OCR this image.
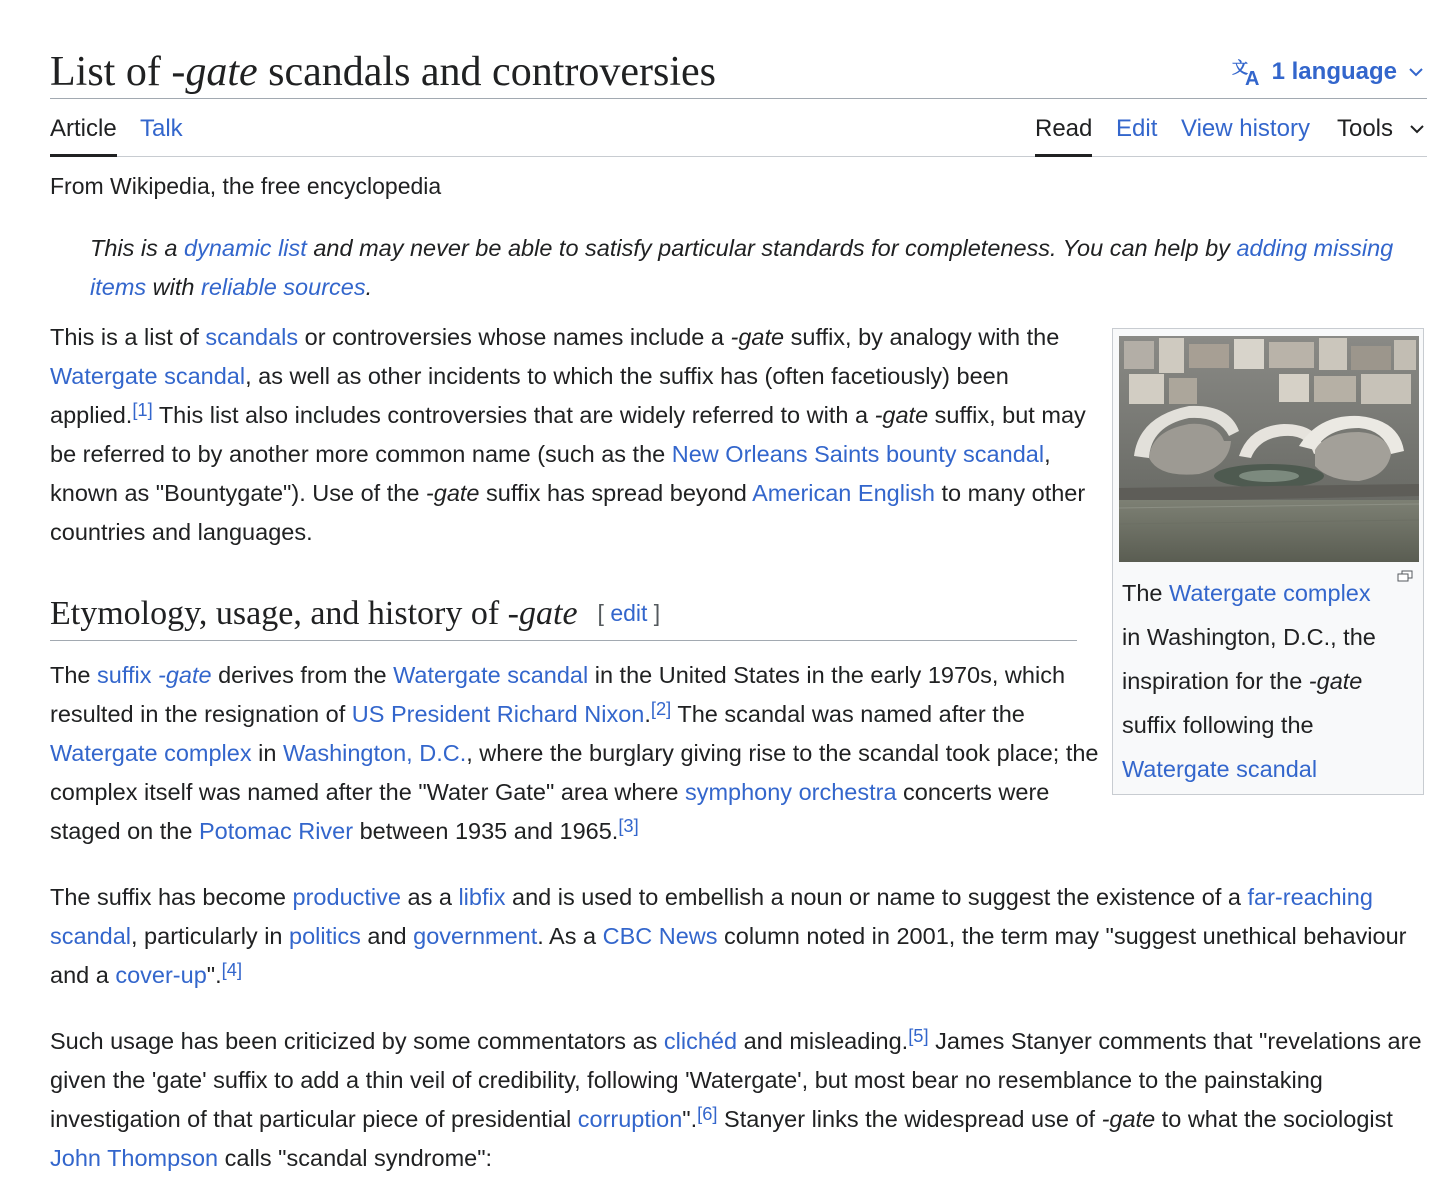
List of -gate scandals and controversies	文
A 1 language
Article Talk	Read Edit View history Tools
From Wikipedia, the free encyclopedia

This is a dynamic list and may never be able to satisfy particular standards for completeness. You can help by adding missing items with reliable sources.

This is a list of scandals or controversies whose names include a -gate suffix, by analogy with the Watergate scandal, as well as other incidents to which the suffix has (often facetiously) been applied.[1] This list also includes controversies that are widely referred to with a -gate suffix, but may be referred to by another more common name (such as the New Orleans Saints bounty scandal, known as "Bountygate"). Use of the -gate suffix has spread beyond American English to many other countries and languages.

The Watergate complex in Washington, D.C., the inspiration for the -gate suffix following the Watergate scandal
Etymology, usage, and history of -gate [ edit ]

The suffix -gate derives from the Watergate scandal in the United States in the early 1970s, which resulted in the resignation of US President Richard Nixon.[2] The scandal was named after the Watergate complex in Washington, D.C., where the burglary giving rise to the scandal took place; the complex itself was named after the "Water Gate" area where symphony orchestra concerts were staged on the Potomac River between 1935 and 1965.[3]

The suffix has become productive as a libfix and is used to embellish a noun or name to suggest the existence of a far-reaching scandal, particularly in politics and government. As a CBC News column noted in 2001, the term may "suggest unethical behaviour and a cover-up".[4]

Such usage has been criticized by some commentators as clichéd and misleading.[5] James Stanyer comments that "revelations are given the 'gate' suffix to add a thin veil of credibility, following 'Watergate', but most bear no resemblance to the painstaking investigation of that particular piece of presidential corruption".[6] Stanyer links the widespread use of -gate to what the sociologist John Thompson calls "scandal syndrome":
